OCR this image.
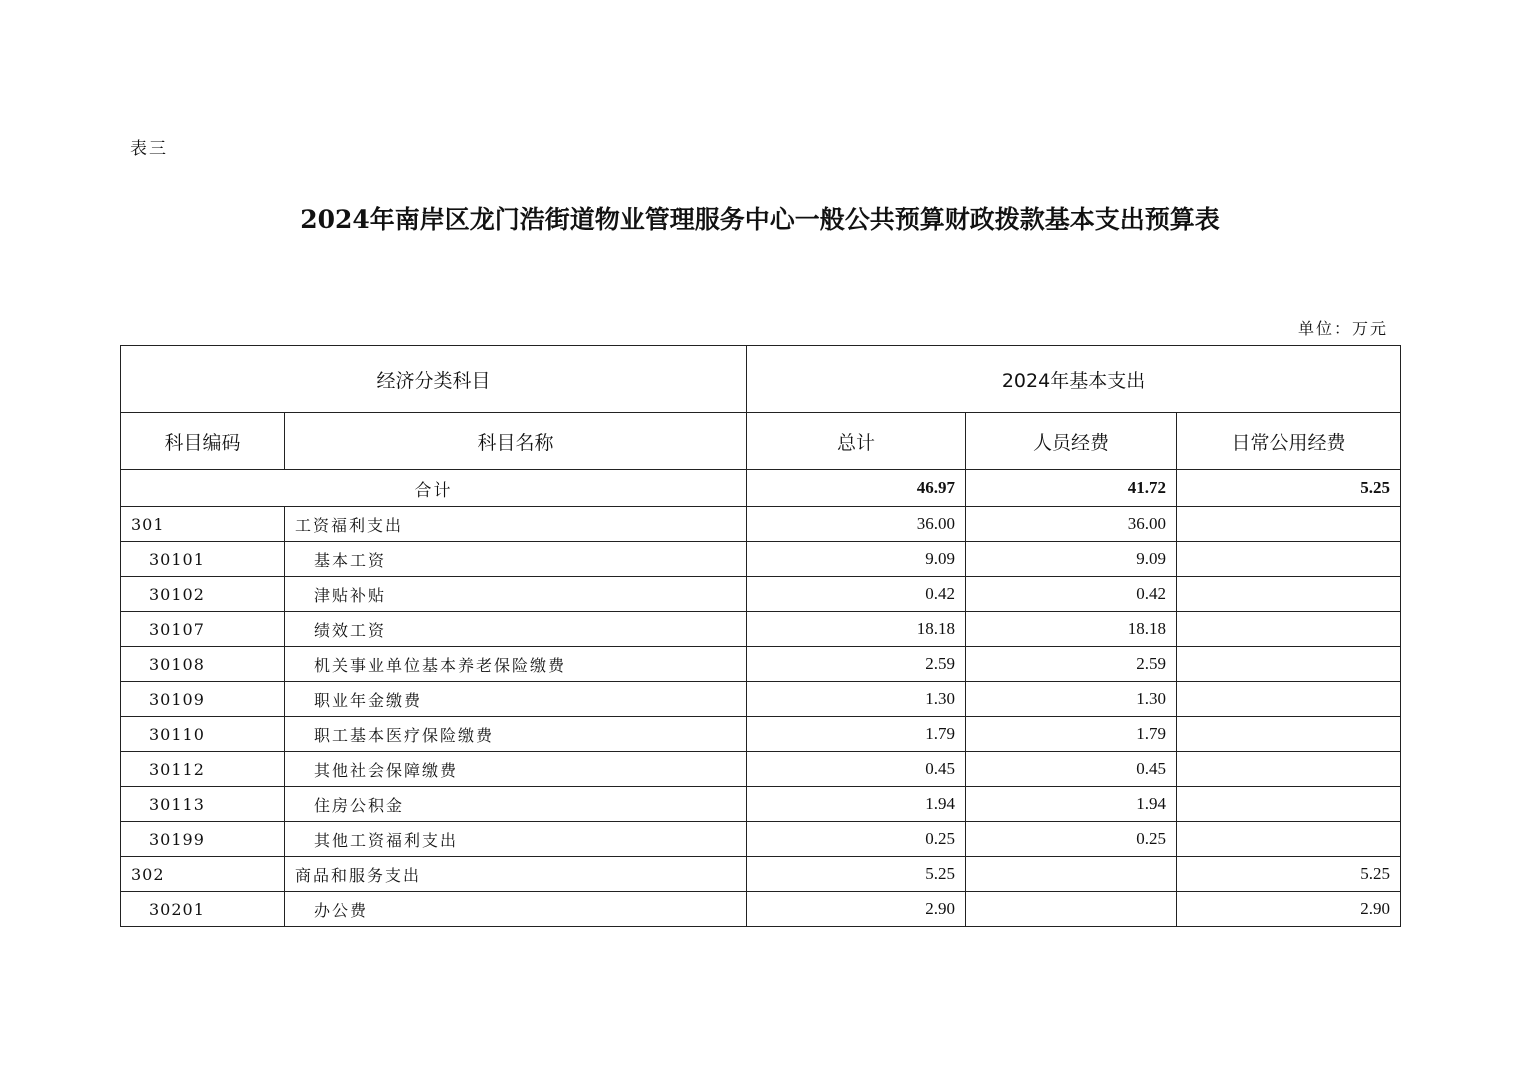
表三
2024年南岸区龙门浩街道物业管理服务中心一般公共预算财政拨款基本支出预算表
单位：万元
经济分类科目		2024年基本支出		
科目编码	科目名称	总计	人员经费	日常公用经费
合计		46.97	41.72	5.25
301	工资福利支出	36.00	36.00	
30101	基本工资	9.09	9.09	
30102	津贴补贴	0.42	0.42	
30107	绩效工资	18.18	18.18	
30108	机关事业单位基本养老保险缴费	2.59	2.59	
30109	职业年金缴费	1.30	1.30	
30110	职工基本医疗保险缴费	1.79	1.79	
30112	其他社会保障缴费	0.45	0.45	
30113	住房公积金	1.94	1.94	
30199	其他工资福利支出	0.25	0.25	
302	商品和服务支出	5.25		5.25
30201	办公费	2.90		2.90
